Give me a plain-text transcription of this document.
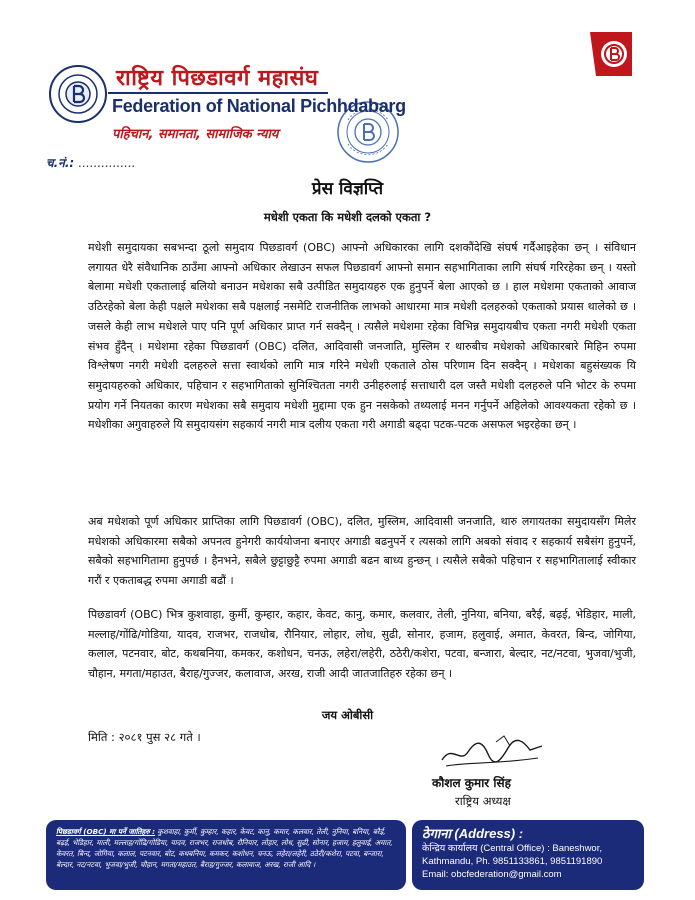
राष्ट्रिय पिछडावर्ग महासंघ
Federation of National Pichhdabarg
पहिचान, समानता, सामाजिक न्याय
च.नं.: ...............
प्रेस विज्ञप्ति
मधेशी एकता कि मधेशी दलको एकता ?
मधेशी समुदायका सबभन्दा ठूलो समुदाय पिछडावर्ग (OBC) आफ्नो अधिकारका लागि दशकौंदेखि संघर्ष गर्दैआइहेका छन् । संविधान लगायत धेरै संवैधानिक ठाउँमा आफ्नो अधिकार लेखाउन सफल पिछडावर्ग आफ्नो समान सहभागिताका लागि संघर्ष गरिरहेका छन् । यस्तो बेलामा मधेशी एकतालाई बलियो बनाउन मधेशका सबै उत्पीडित समुदायहरु एक हुनुपर्ने बेला आएको छ । हाल मधेशमा एकताको आवाज उठिरहेको बेला केही पक्षले मधेशका सबै पक्षलाई नसमेटि राजनीतिक लाभको आधारमा मात्र मधेशी दलहरुको एकताको प्रयास थालेको छ । जसले केही लाभ मधेशले पाए पनि पूर्ण अधिकार प्राप्त गर्न सक्दैन् । त्यसैले मधेशमा रहेका विभिन्न समुदायबीच एकता नगरी मधेशी एकता संभव हुँदैन् । मधेशमा रहेका पिछडावर्ग (OBC) दलित, आदिवासी जनजाति, मुस्लिम र थारुबीच मधेशको अधिकारबारे मिहिन रुपमा विश्लेषण नगरी मधेशी दलहरुले सत्ता स्वार्थको लागि मात्र गरिने मधेशी एकताले ठोस परिणाम दिन सक्दैन् । मधेशका बहुसंख्यक यि समुदायहरुको अधिकार, पहिचान र सहभागिताको सुनिश्चितता नगरी उनीहरुलाई सत्ताधारी दल जस्तै मधेशी दलहरुले पनि भोटर के रुपमा प्रयोग गर्ने नियतका कारण मधेशका सबै समुदाय मधेशी मुद्दामा एक हुन नसकेको तथ्यलाई मनन गर्नुपर्ने अहिलेको आवश्यकता रहेको छ । मधेशीका अगुवाहरुले यि समुदायसंग सहकार्य नगरी मात्र दलीय एकता गरी अगाडी बढ्दा पटक-पटक असफल भइरहेका छन् ।
अब मधेशको पूर्ण अधिकार प्राप्तिका लागि पिछडावर्ग (OBC), दलित, मुस्लिम, आदिवासी जनजाति, थारु लगायतका समुदायसँग मिलेर मधेशको अधिकारमा सबैको अपनत्व हुनेगरी कार्ययोजना बनाएर अगाडी बढनुपर्ने र त्यसको लागि अबको संवाद र सहकार्य सबैसंग हुनुपर्ने, सबैको सहभागितामा हुनुपर्छ । हैनभने, सबैले छुट्टाछुट्टै रुपमा अगाडी बढन बाध्य हुन्छन् । त्यसैले सबैको पहिचान र सहभागितालाई स्वीकार गरौं र एकताबद्ध रुपमा अगाडी बढौं ।
पिछडावर्ग (OBC) भित्र कुशवाहा, कुर्मी, कुम्हार, कहार, केवट, कानु, कमार, कलवार, तेली, नुनिया, बनिया, बरैई, बढ़ई, भेडिहार, माली, मल्लाह/गोंढि/गोडिया, यादव, राजभर, राजधोब, रौनियार, लोहार, लोध, सुढी, सोनार, हजाम, हलुवाई, अमात, केवरत, बिन्द, जोगिया, कलाल, पटनवार, बोट, कथबनिया, कमकर, कशोधन, चनऊ, लहेरा/लहेरी, ठठेरी/कशेरा, पटवा, बन्जारा, बेल्दार, नट/नटवा, भुजवा/भुजी, चौहान, मगता/महाउत, बैराह/गुज्जर, कलावाज, अरख, राजी आदी जातजातिहरु रहेका छन् ।
जय ओबीसी
मिति : २०८१ पुस २८ गते ।
कौशल कुमार सिंह
राष्ट्रिय अध्यक्ष
पिछडावर्ग (OBC) मा पर्ने जातिहरु : कुशवाहा, कुर्मी, कुम्हार, कहार, केवट, कानु, कमार, कलवार, तेली, नुनिया, बनिया, बरैई, बढ़ई, भेडिहार, माली, मल्लाह/गोंढि/गोडिया, यादव, राजभर, राजधोब, रौनियार, लोहार, लोध, सुढी, सोनार, हजाम, हलुवाई, अमात, केवरत, बिन्द, जोगिया, कलाल, पटनवार, बोट, कथबनिया, कमकर, कशोधन, चनऊ, लहेरा/लहेरी, ठठेरी/कशेरा, पटवा, बन्जारा, बेल्दार, नट/नटवा, भुजवा/भुजी, चौहान, मगता/महाउत, बैराह/गुज्जर, कलावाज, अरख, राजी आदि ।
ठेगाना (Address) :
केन्द्रिय कार्यालय (Central Office) : Baneshwor,
Kathmandu, Ph. 9851133861, 9851191890
Email: obcfederation@gmail.com
